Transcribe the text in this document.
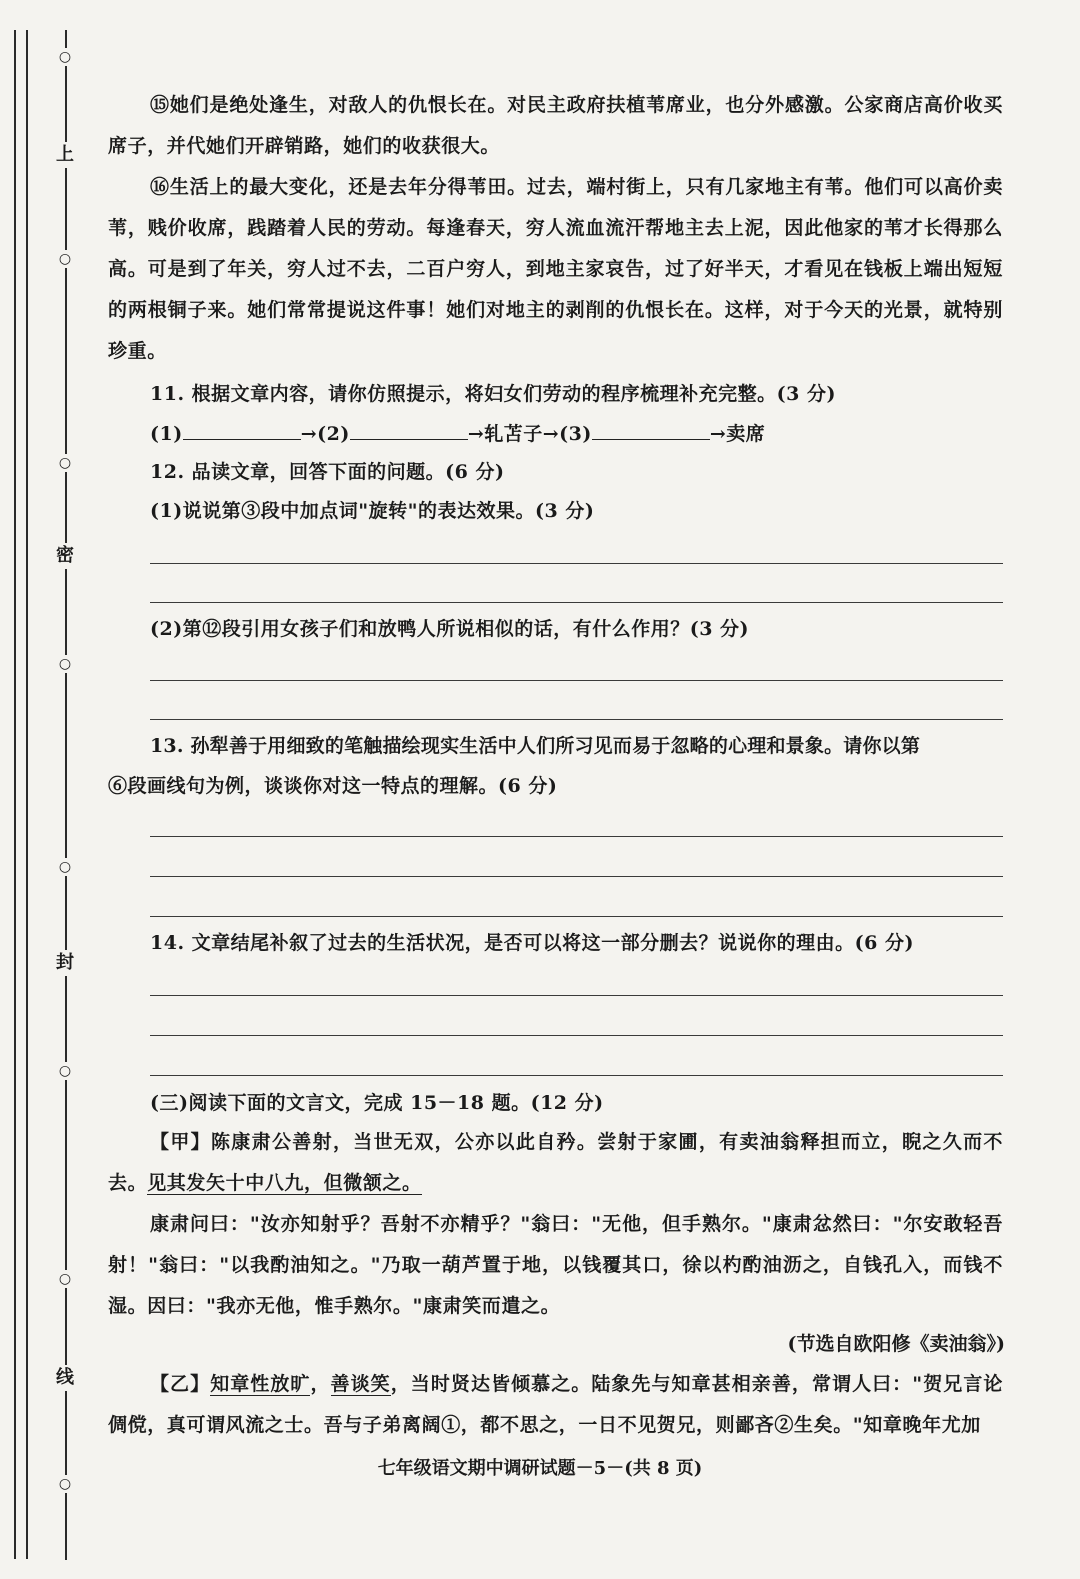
○
上
○
○
密
○
○
封
○
○
线
○

⑮她们是绝处逢生，对敌人的仇恨长在。对民主政府扶植苇席业，也分外感激。公家商店高价收买席子，并代她们开辟销路，她们的收获很大。

⑯生活上的最大变化，还是去年分得苇田。过去，端村街上，只有几家地主有苇。他们可以高价卖苇，贱价收席，践踏着人民的劳动。每逢春天，穷人流血流汗帮地主去上泥，因此他家的苇才长得那么高。可是到了年关，穷人过不去，二百户穷人，到地主家哀告，过了好半天，才看见在钱板上端出短短的两根铜子来。她们常常提说这件事！她们对地主的剥削的仇恨长在。这样，对于今天的光景，就特别珍重。

11. 根据文章内容，请你仿照提示，将妇女们劳动的程序梳理补充完整。(3 分)

(1)	→(2)	→轧苫子→(3)	→卖席

12. 品读文章，回答下面的问题。(6 分)

(1)说说第③段中加点词"旋转"的表达效果。(3 分)

(2)第⑫段引用女孩子们和放鸭人所说相似的话，有什么作用？(3 分)

13. 孙犁善于用细致的笔触描绘现实生活中人们所习见而易于忽略的心理和景象。请你以第

⑥段画线句为例，谈谈你对这一特点的理解。(6 分)

14. 文章结尾补叙了过去的生活状况，是否可以将这一部分删去？说说你的理由。(6 分)

(三)阅读下面的文言文，完成 15－18 题。(12 分)

【甲】陈康肃公善射，当世无双，公亦以此自矜。尝射于家圃，有卖油翁释担而立，睨之久而不去。见其发矢十中八九，但微颔之。

康肃问曰："汝亦知射乎？吾射不亦精乎？"翁曰："无他，但手熟尔。"康肃忿然曰："尔安敢轻吾射！"翁曰："以我酌油知之。"乃取一葫芦置于地，以钱覆其口，徐以杓酌油沥之，自钱孔入，而钱不湿。因曰："我亦无他，惟手熟尔。"康肃笑而遣之。

(节选自欧阳修《卖油翁》)

【乙】知章性放旷，善谈笑，当时贤达皆倾慕之。陆象先与知章甚相亲善，常谓人曰："贺兄言论倜傥，真可谓风流之士。吾与子弟离阔①，都不思之，一日不见贺兄，则鄙吝②生矣。"知章晚年尤加

七年级语文期中调研试题－5－(共 8 页)
